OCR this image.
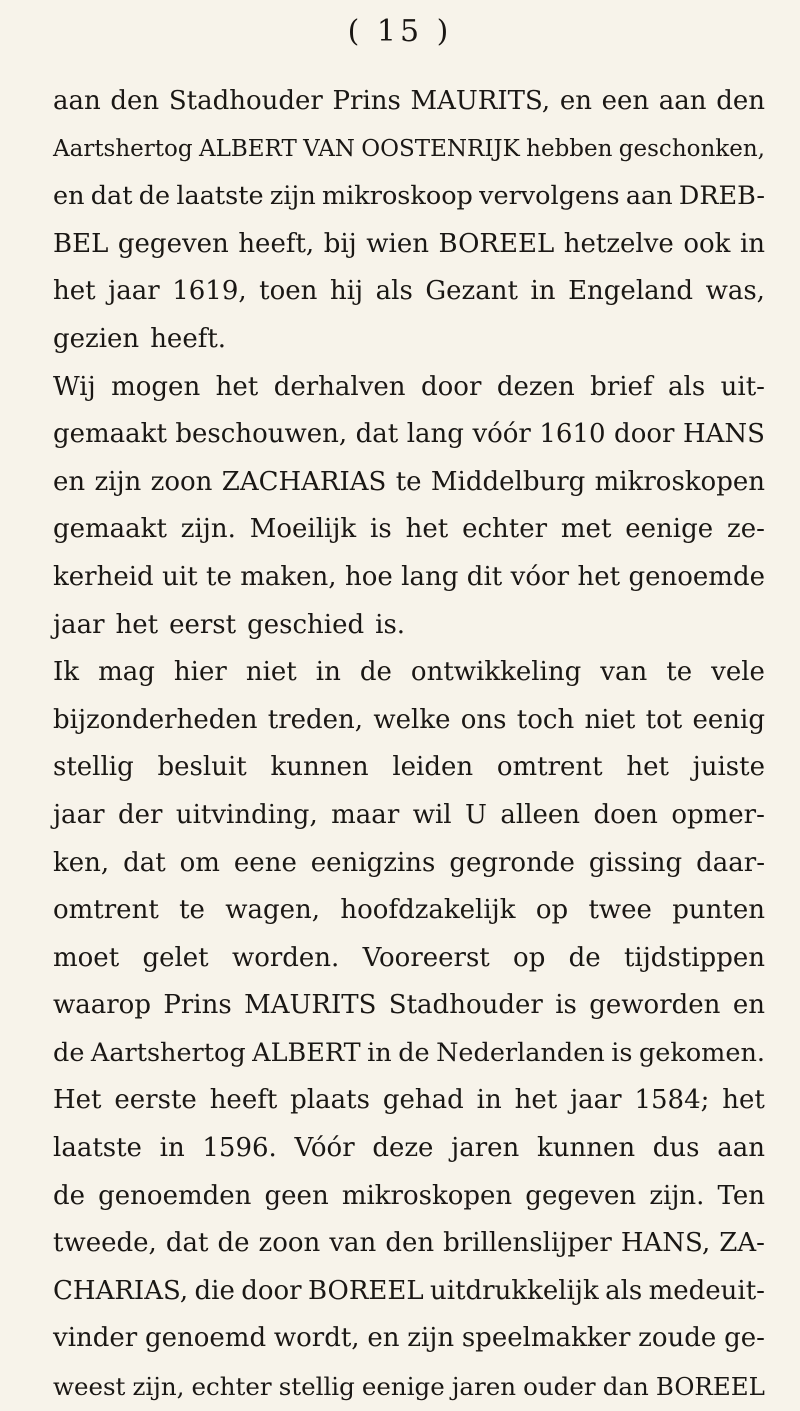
( 15 )
aan den Stadhouder Prins MAURITS, en een aan den
Aartshertog ALBERT VAN OOSTENRIJK hebben geschonken,
en dat de laatste zijn mikroskoop vervolgens aan DREB-
BEL gegeven heeft, bij wien BOREEL hetzelve ook in
het jaar 1619, toen hij als Gezant in Engeland was,
gezien heeft.
Wij mogen het derhalven door dezen brief als uit-
gemaakt beschouwen, dat lang vóór 1610 door HANS
en zijn zoon ZACHARIAS te Middelburg mikroskopen
gemaakt zijn. Moeilijk is het echter met eenige ze-
kerheid uit te maken, hoe lang dit vóor het genoemde
jaar het eerst geschied is.
Ik mag hier niet in de ontwikkeling van te vele
bijzonderheden treden, welke ons toch niet tot eenig
stellig besluit kunnen leiden omtrent het juiste
jaar der uitvinding, maar wil U alleen doen opmer-
ken, dat om eene eenigzins gegronde gissing daar-
omtrent te wagen, hoofdzakelijk op twee punten
moet gelet worden. Vooreerst op de tijdstippen
waarop Prins MAURITS Stadhouder is geworden en
de Aartshertog ALBERT in de Nederlanden is gekomen.
Het eerste heeft plaats gehad in het jaar 1584; het
laatste in 1596. Vóór deze jaren kunnen dus aan
de genoemden geen mikroskopen gegeven zijn. Ten
tweede, dat de zoon van den brillenslijper HANS, ZA-
CHARIAS, die door BOREEL uitdrukkelijk als medeuit-
vinder genoemd wordt, en zijn speelmakker zoude ge-
weest zijn, echter stellig eenige jaren ouder dan BOREEL
